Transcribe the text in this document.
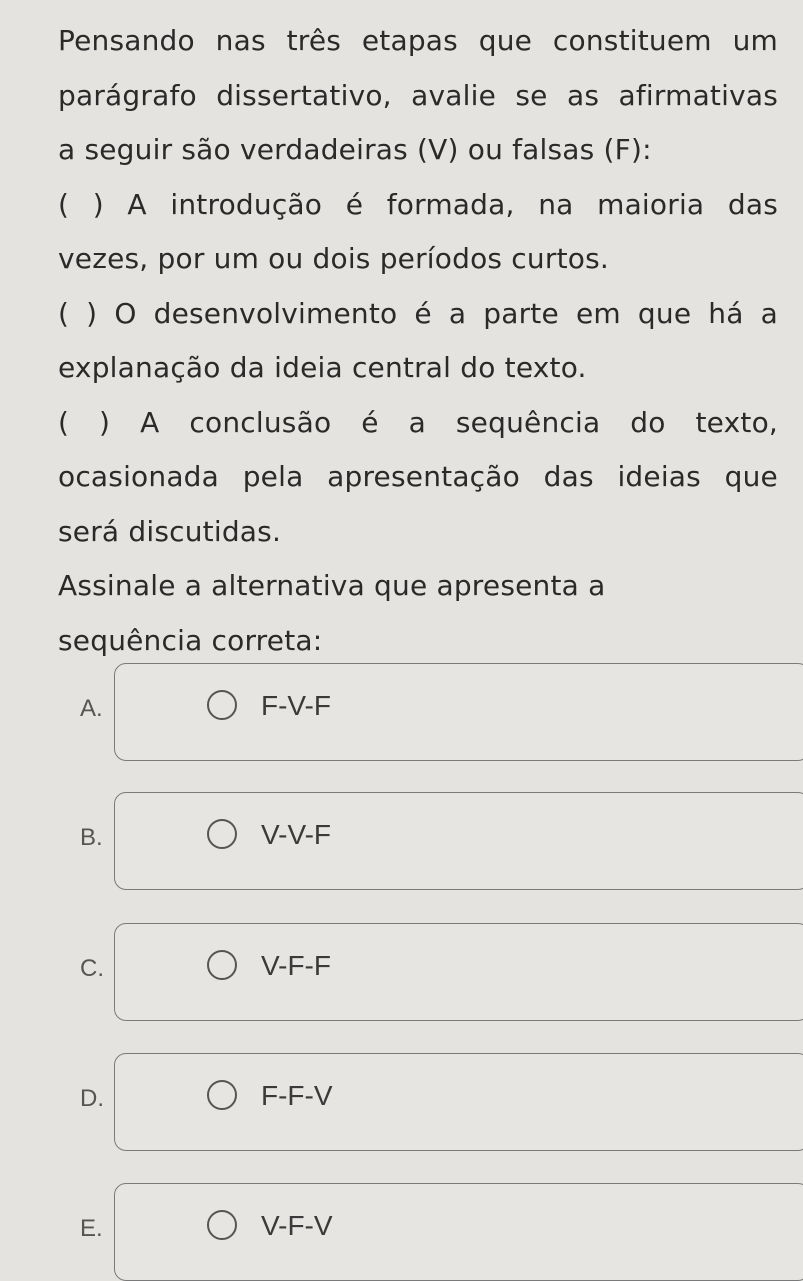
Pensando nas três etapas que constituem um
parágrafo dissertativo, avalie se as afirmativas
a seguir são verdadeiras (V) ou falsas (F):
( ) A introdução é formada, na maioria das
vezes, por um ou dois períodos curtos.
( ) O desenvolvimento é a parte em que há a
explanação da ideia central do texto.
( ) A conclusão é a sequência do texto,
ocasionada pela apresentação das ideias que
será discutidas.
Assinale a alternativa que apresenta a
sequência correta:
A.	F-V-F
B.	V-V-F
C.	V-F-F
D.	F-F-V
E.	V-F-V
